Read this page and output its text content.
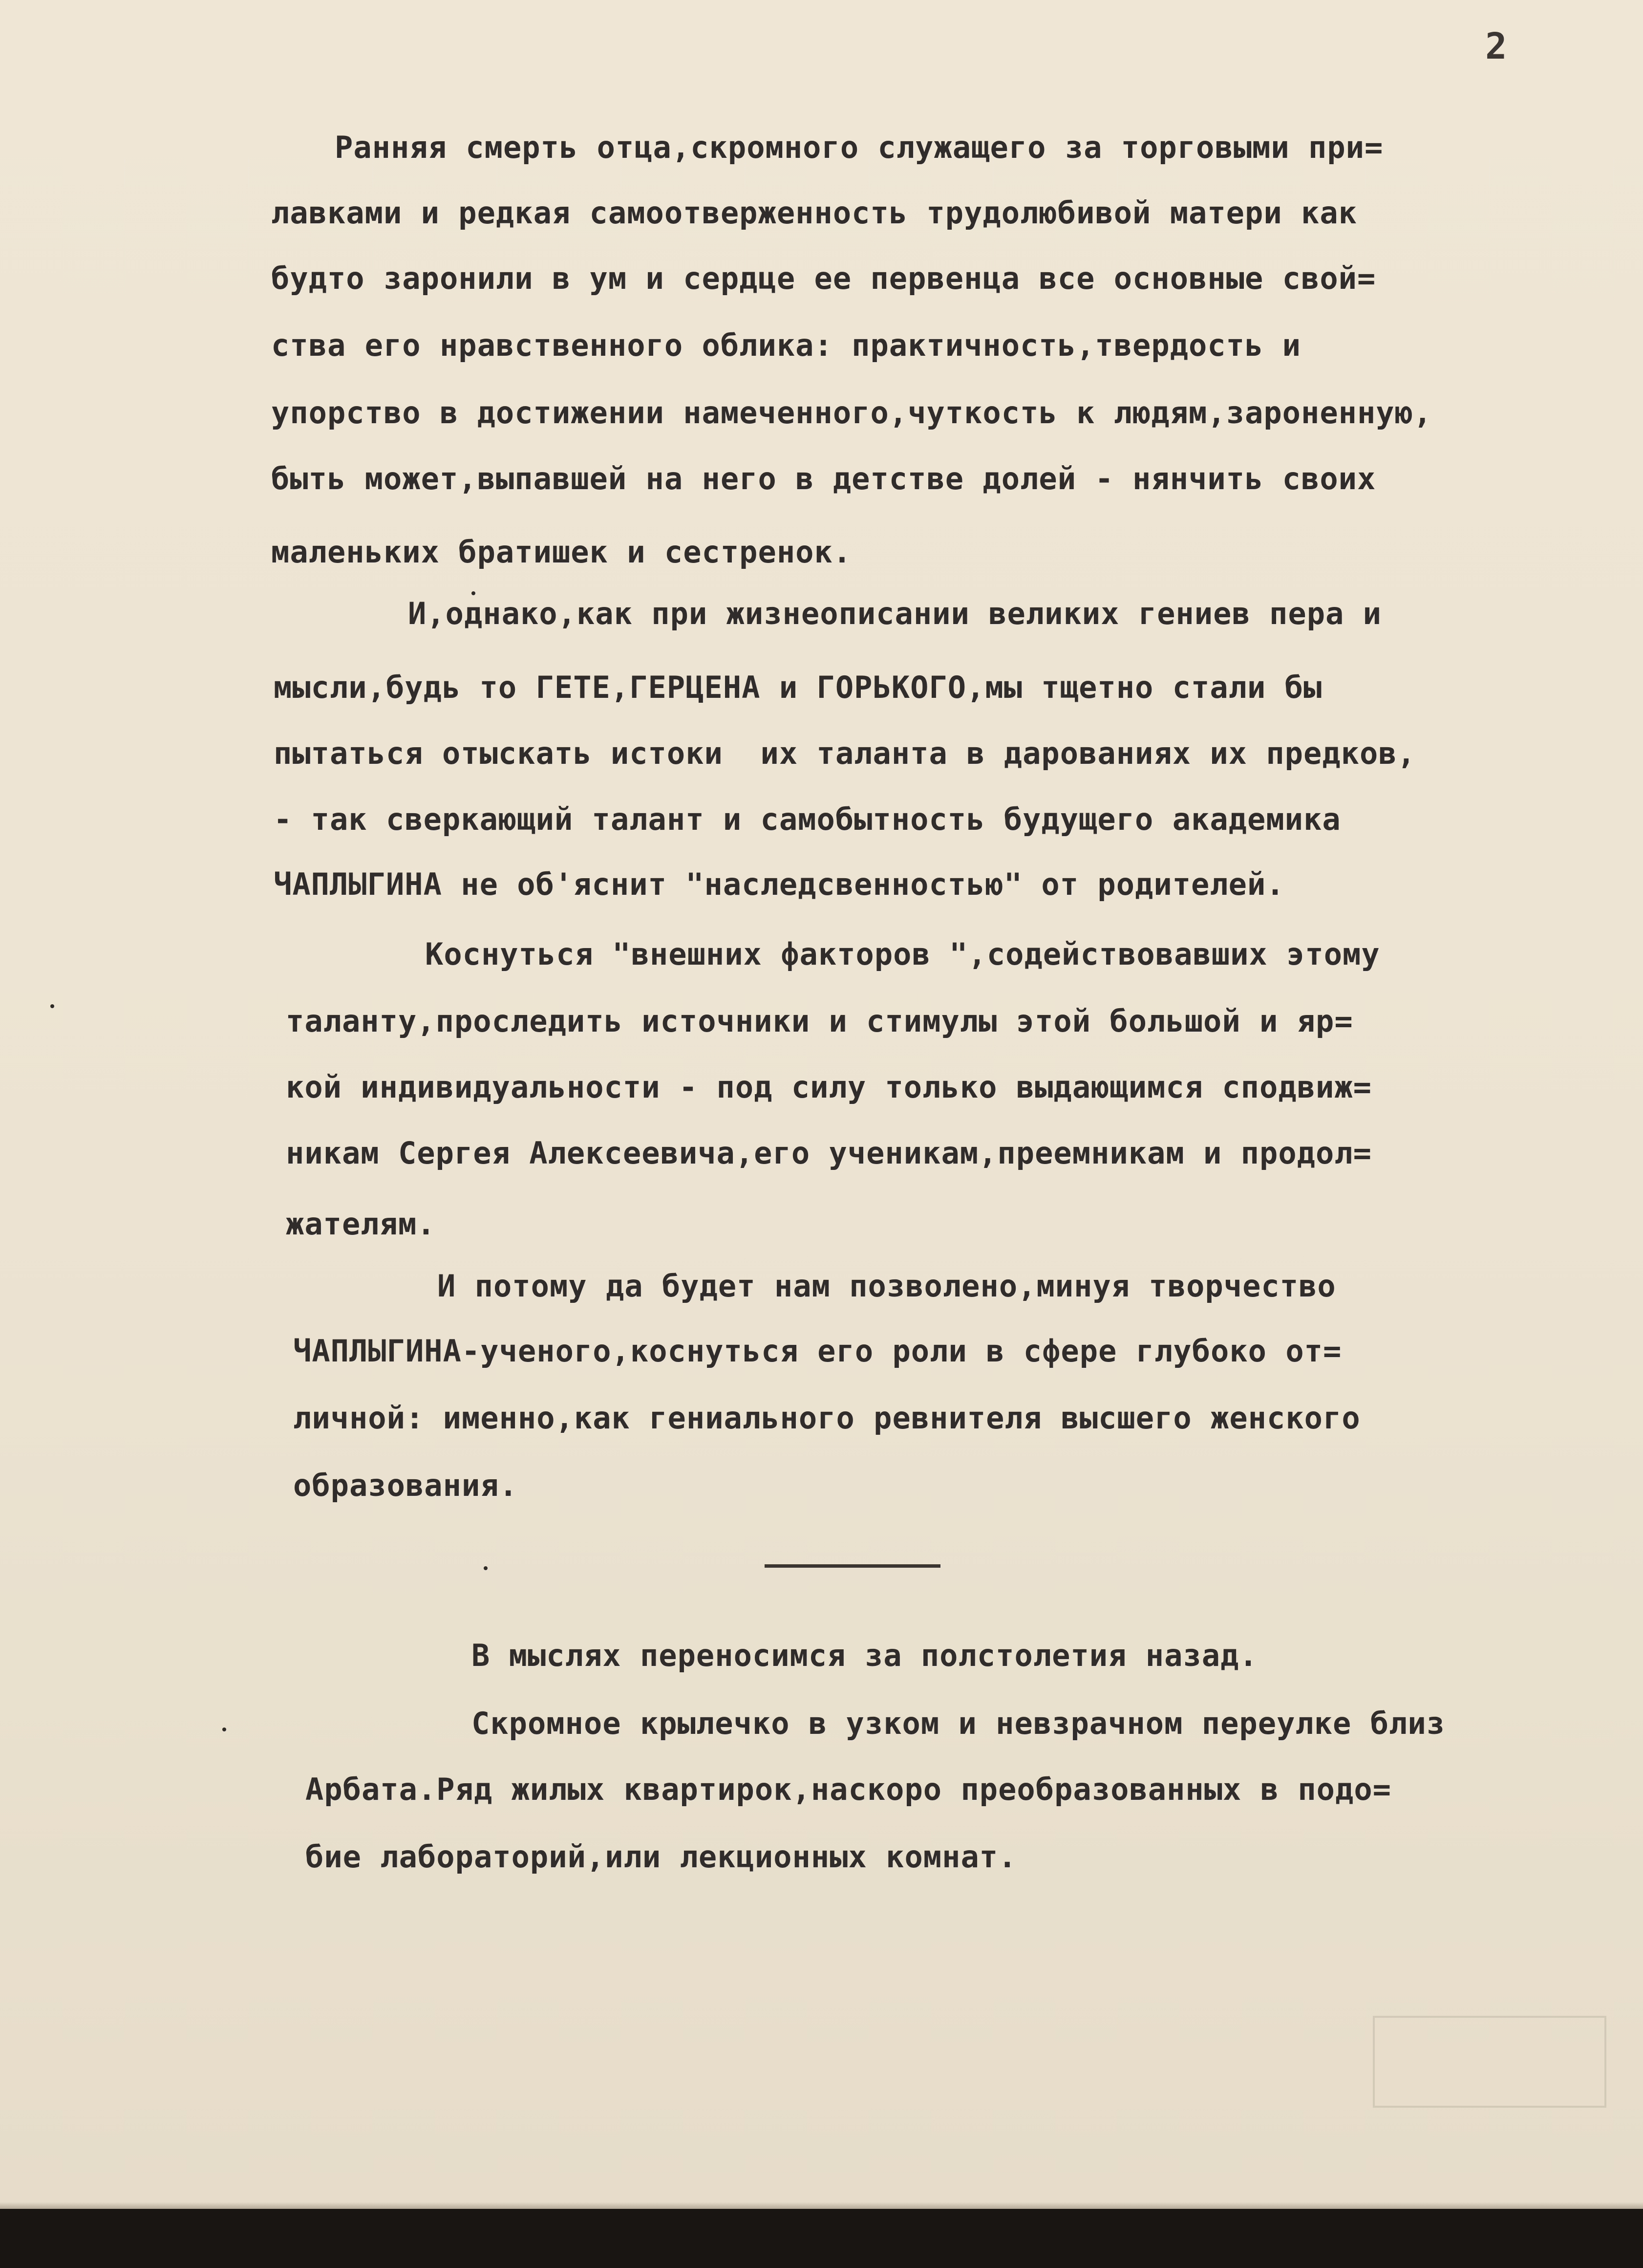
2

Ранняя смерть отца,скромного служащего за торговыми при=

лавками и редкая самоотверженность трудолюбивой матери как

будто заронили в ум и сердце ее первенца все основные свой=

ства его нравственного облика: практичность,твердость и

упорство в достижении намеченного,чуткость к людям,зароненную,

быть может,выпавшей на него в детстве долей - нянчить своих

маленьких братишек и сестренок.

И,однако,как при жизнеописании великих гениев пера и

мысли,будь то ГЕТЕ,ГЕРЦЕНА и ГОРЬКОГО,мы тщетно стали бы

пытаться отыскать истоки  их таланта в дарованиях их предков,

- так сверкающий талант и самобытность будущего академика

ЧАПЛЫГИНА не об'яснит "наследсвенностью" от родителей.

Коснуться "внешних факторов ",содействовавших этому

таланту,проследить источники и стимулы этой большой и яр=

кой индивидуальности - под силу только выдающимся сподвиж=

никам Сергея Алексеевича,его ученикам,преемникам и продол=

жателям.

И потому да будет нам позволено,минуя творчество

ЧАПЛЫГИНА-ученого,коснуться его роли в сфере глубоко от=

личной: именно,как гениального ревнителя высшего женского

образования.

В мыслях переносимся за полстолетия назад.

Скромное крылечко в узком и невзрачном переулке близ

Арбата.Ряд жилых квартирок,наскоро преобразованных в подо=

бие лабораторий,или лекционных комнат.
